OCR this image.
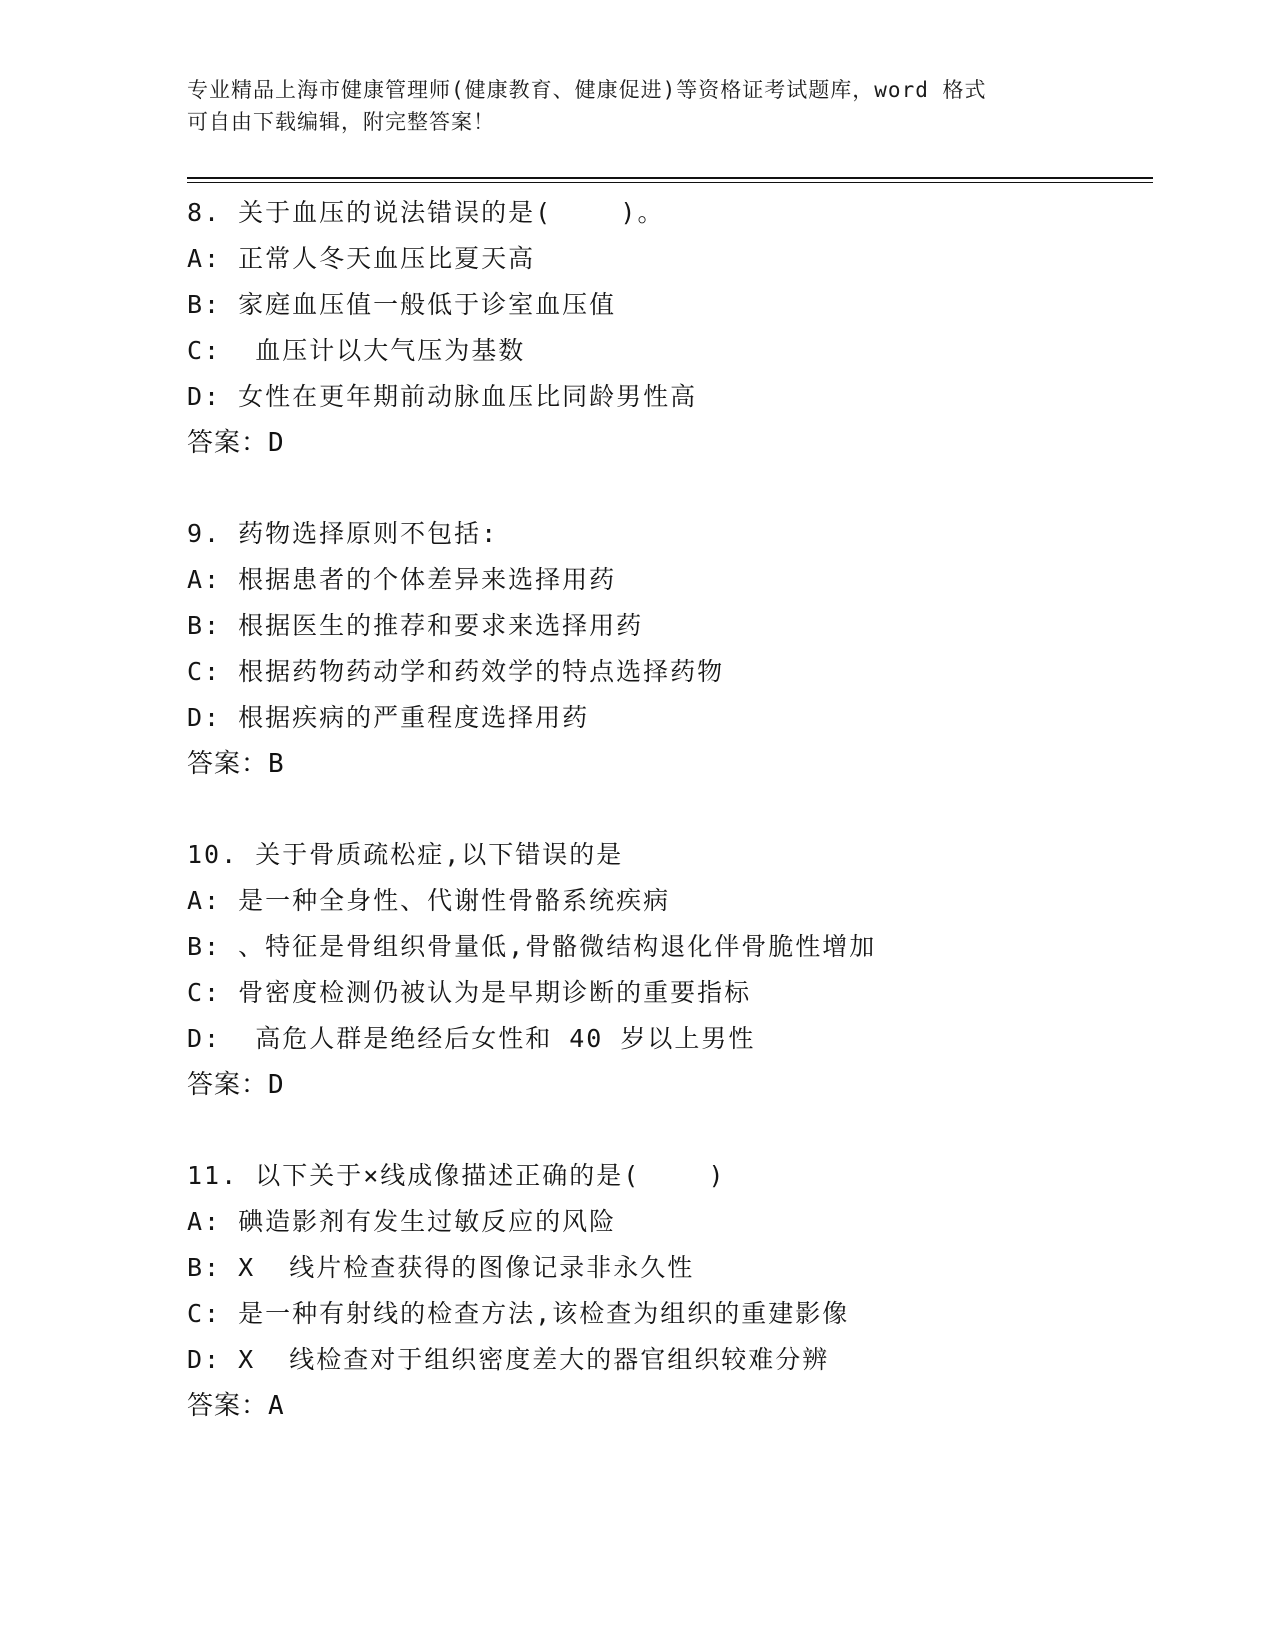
专业精品上海市健康管理师(健康教育、健康促进)等资格证考试题库，word 格式
可自由下载编辑，附完整答案！
8. 关于血压的说法错误的是(    )。
A: 正常人冬天血压比夏天高
B: 家庭血压值一般低于诊室血压值
C:  血压计以大气压为基数
D: 女性在更年期前动脉血压比同龄男性高
答案：D
9. 药物选择原则不包括:
A: 根据患者的个体差异来选择用药
B: 根据医生的推荐和要求来选择用药
C: 根据药物药动学和药效学的特点选择药物
D: 根据疾病的严重程度选择用药
答案：B
10. 关于骨质疏松症,以下错误的是
A: 是一种全身性、代谢性骨骼系统疾病
B: 、特征是骨组织骨量低,骨骼微结构退化伴骨脆性增加
C: 骨密度检测仍被认为是早期诊断的重要指标
D:  高危人群是绝经后女性和 40 岁以上男性
答案：D
11. 以下关于×线成像描述正确的是(    )
A: 碘造影剂有发生过敏反应的风险
B: X  线片检查获得的图像记录非永久性
C: 是一种有射线的检查方法,该检查为组织的重建影像
D: X  线检查对于组织密度差大的器官组织较难分辨
答案：A
